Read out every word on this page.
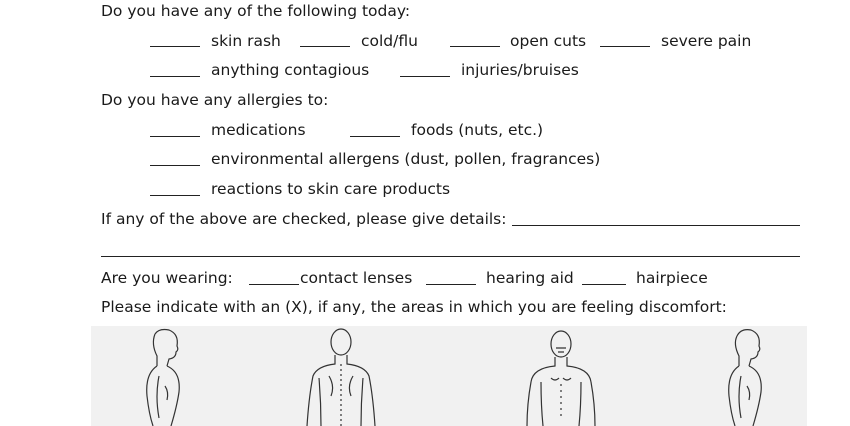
Do you have any of the following today:
skin rash	cold/flu	open cuts	severe pain
anything contagious	injuries/bruises
Do you have any allergies to:
medications	foods (nuts, etc.)
environmental allergens (dust, pollen, fragrances)
reactions to skin care products
If any of the above are checked, please give details:
Are you wearing:	contact lenses	hearing aid	hairpiece
Please indicate with an (X), if any, the areas in which you are feeling discomfort:
